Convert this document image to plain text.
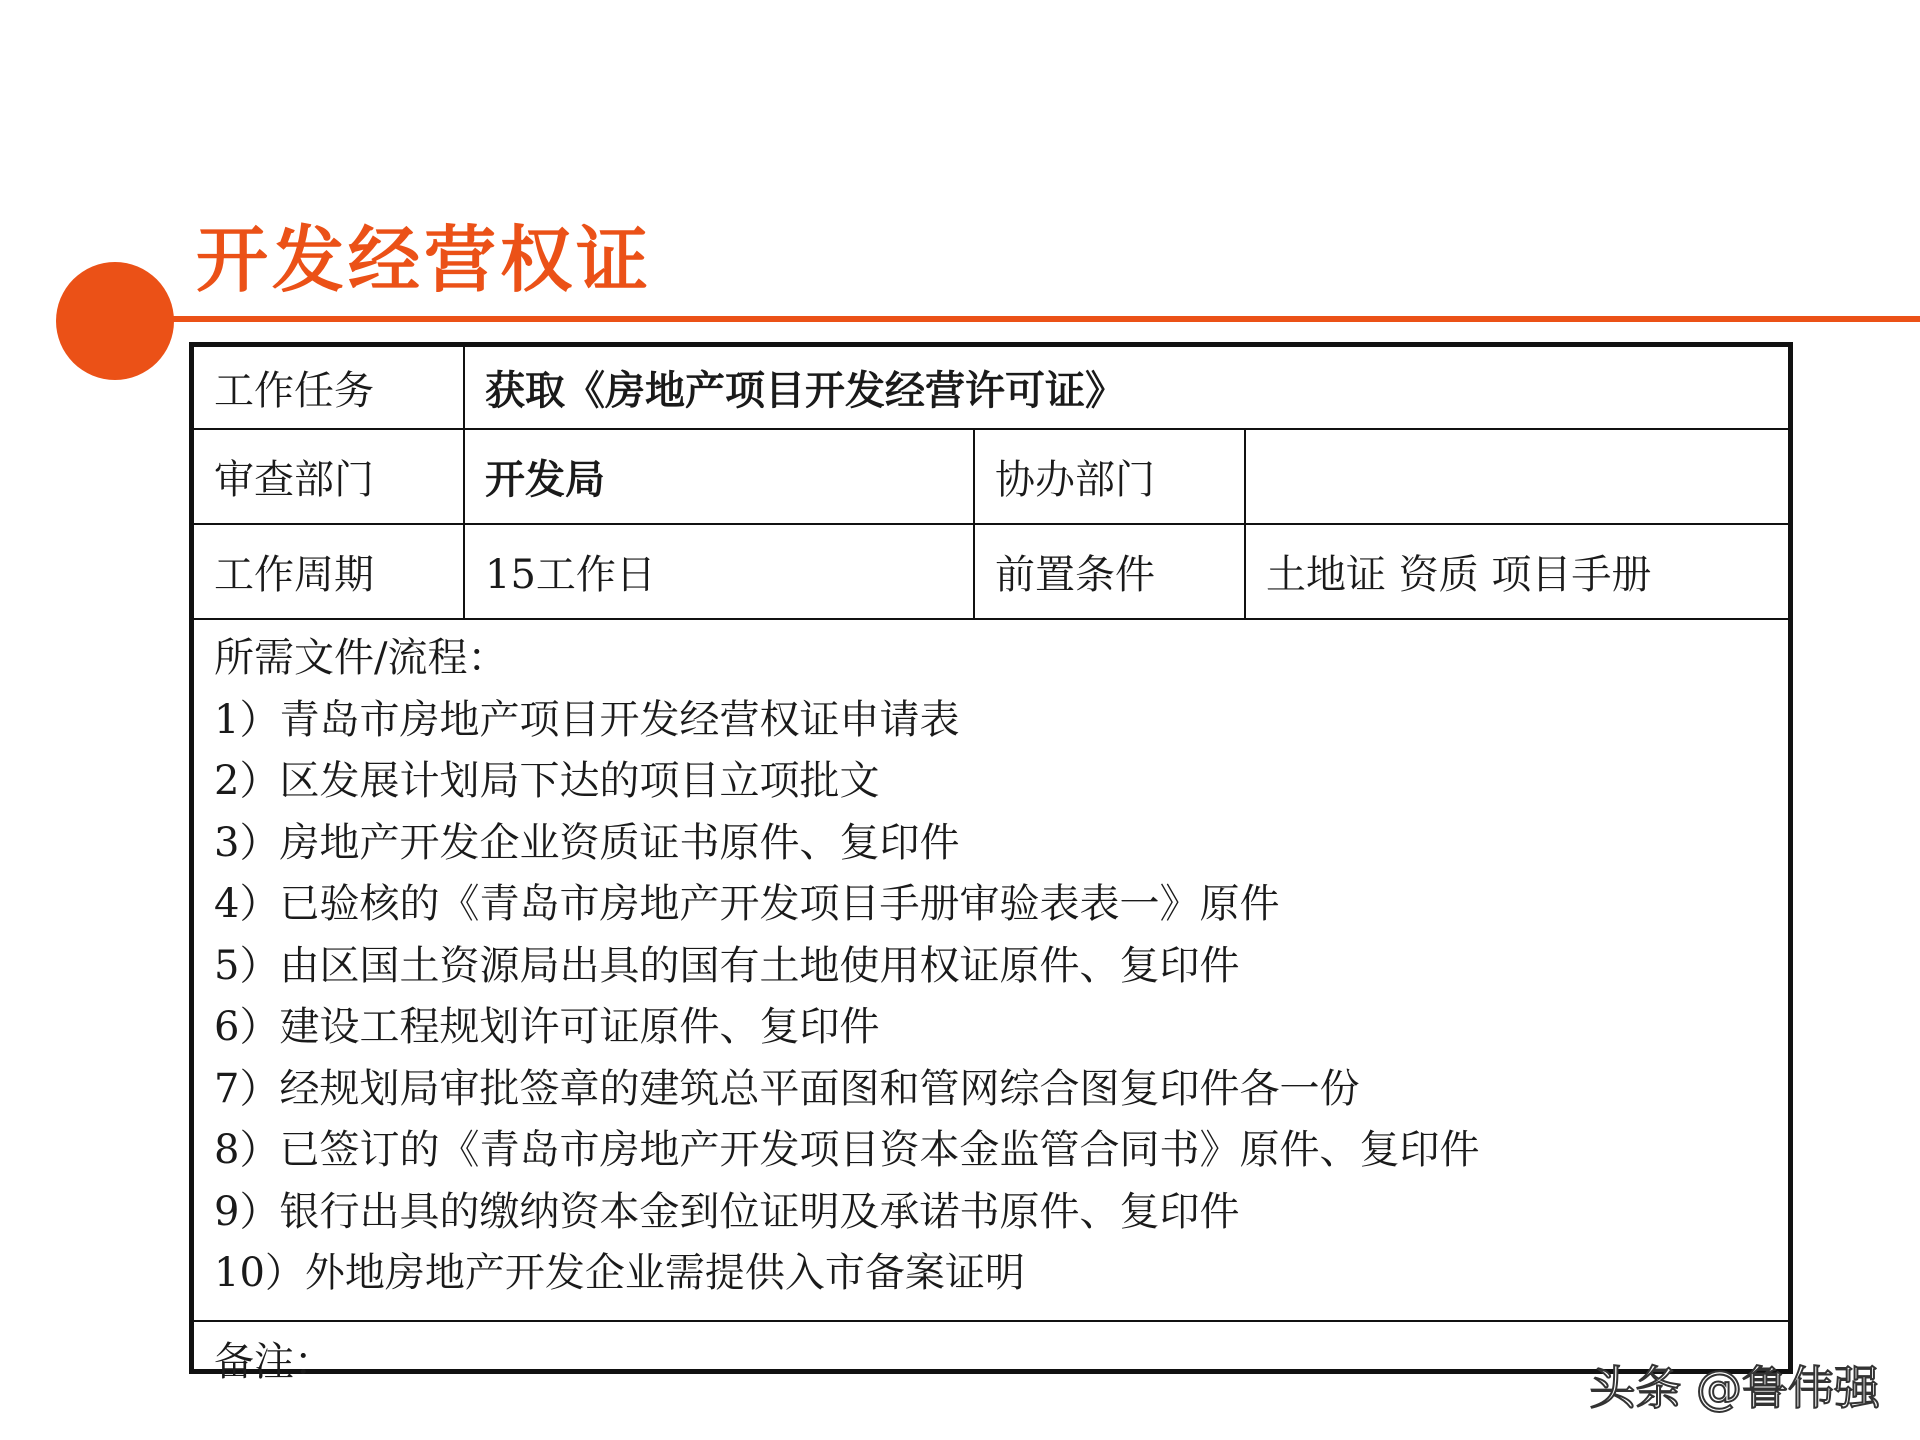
开发经营权证
工作任务	获取《房地产项目开发经营许可证》
审查部门	开发局	协办部门
工作周期	15工作日	前置条件	土地证 资质 项目手册
所需文件/流程：
1）青岛市房地产项目开发经营权证申请表
2）区发展计划局下达的项目立项批文
3）房地产开发企业资质证书原件、复印件
4）已验核的《青岛市房地产开发项目手册审验表表一》原件
5）由区国土资源局出具的国有土地使用权证原件、复印件
6）建设工程规划许可证原件、复印件
7）经规划局审批签章的建筑总平面图和管网综合图复印件各一份
8）已签订的《青岛市房地产开发项目资本金监管合同书》原件、复印件
9）银行出具的缴纳资本金到位证明及承诺书原件、复印件
10）外地房地产开发企业需提供入市备案证明
备注：	头条 @鲁伟强
